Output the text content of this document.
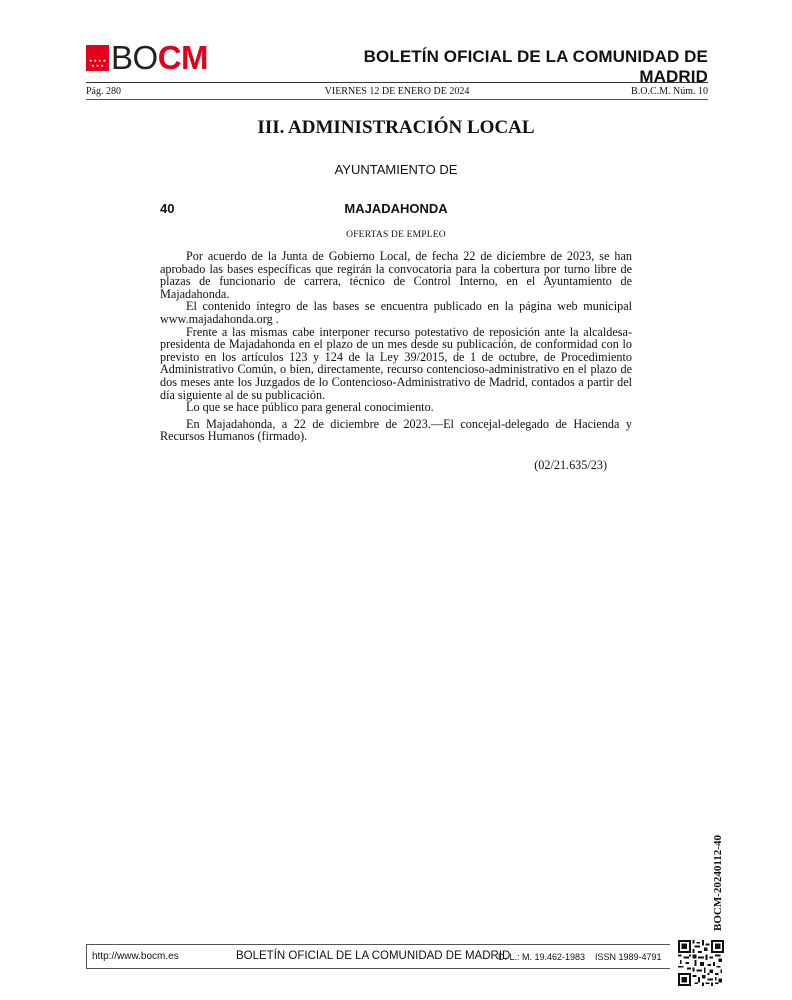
★ ★ ★ ★
★ ★ ★ BOCM	BOLETÍN OFICIAL DE LA COMUNIDAD DE MADRID
Pág. 280	VIERNES 12 DE ENERO DE 2024	B.O.C.M. Núm. 10
III. ADMINISTRACIÓN LOCAL
AYUNTAMIENTO DE
40	MAJADAHONDA
OFERTAS DE EMPLEO

Por acuerdo de la Junta de Gobierno Local, de fecha 22 de diciembre de 2023, se han aprobado las bases específicas que regirán la convocatoria para la cobertura por turno libre de plazas de funcionario de carrera, técnico de Control Interno, en el Ayuntamiento de Majadahonda.

El contenido íntegro de las bases se encuentra publicado en la página web municipal www.majadahonda.org .

Frente a las mismas cabe interponer recurso potestativo de reposición ante la alcaldesa-presidenta de Majadahonda en el plazo de un mes desde su publicación, de conformidad con lo previsto en los artículos 123 y 124 de la Ley 39/2015, de 1 de octubre, de Procedimiento Administrativo Común, o bien, directamente, recurso contencioso-administrativo en el plazo de dos meses ante los Juzgados de lo Contencioso-Administrativo de Madrid, contados a partir del día siguiente al de su publicación.

Lo que se hace público para general conocimiento.

En Majadahonda, a 22 de diciembre de 2023.—El concejal-delegado de Hacienda y Recursos Humanos (firmado).

(02/21.635/23)
BOCM-20240112-40
http://www.bocm.es	BOLETÍN OFICIAL DE LA COMUNIDAD DE MADRID
D. L.: M. 19.462-1983 ISSN 1989-4791
